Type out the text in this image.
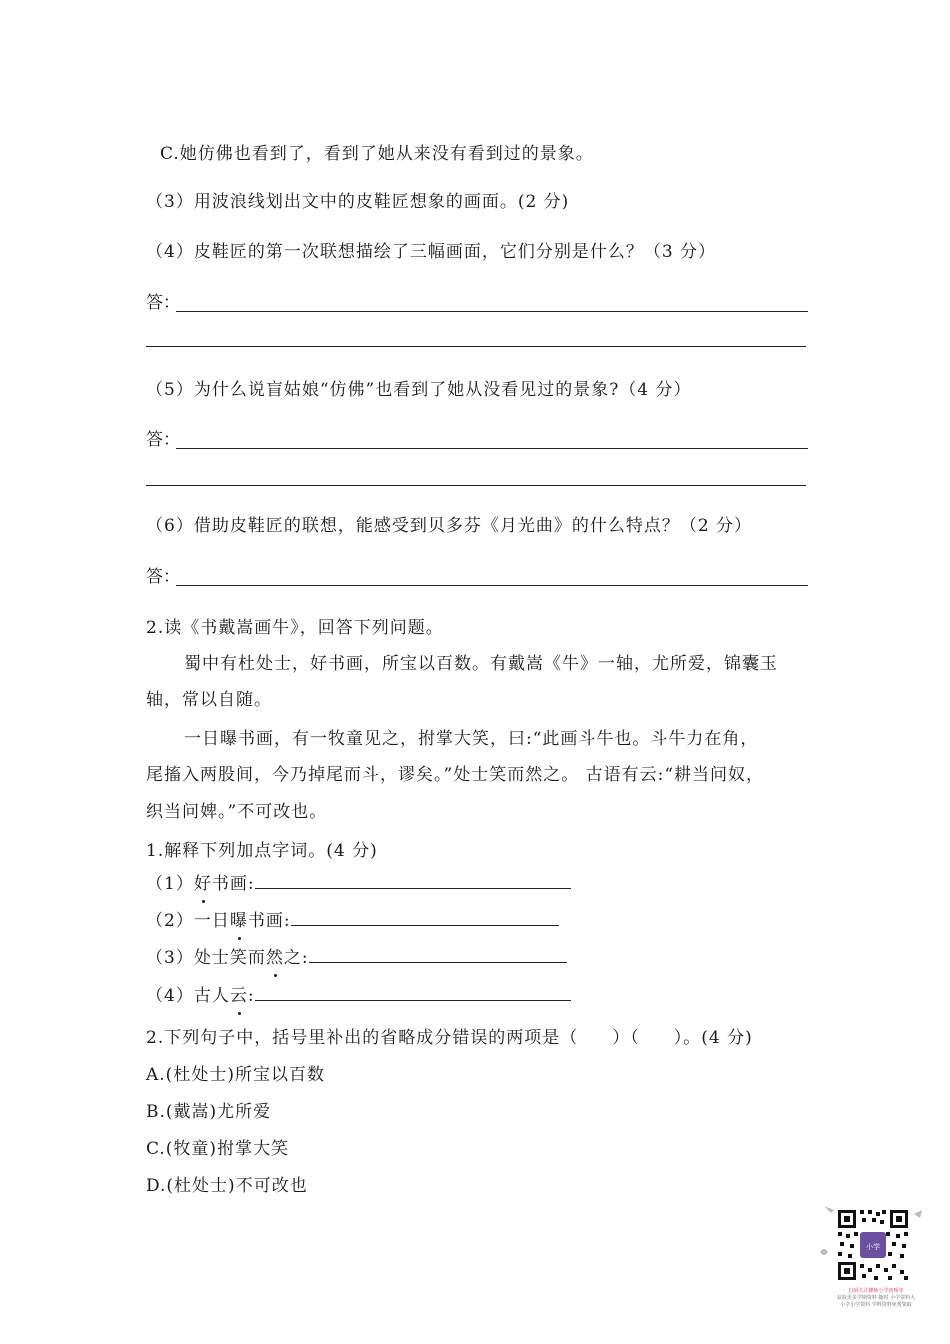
C.她仿佛也看到了，看到了她从来没有看到过的景象。
（3）用波浪线划出文中的皮鞋匠想象的画面。(2 分)
（4）皮鞋匠的第一次联想描绘了三幅画面，它们分别是什么？（3 分）
答：
（5）为什么说盲姑娘“仿佛”也看到了她从没看见过的景象?（4 分）
答：
（6）借助皮鞋匠的联想，能感受到贝多芬《月光曲》的什么特点？（2 分）
答：
2.读《书戴嵩画牛》，回答下列问题。
蜀中有杜处士，好书画，所宝以百数。有戴嵩《牛》一轴，尤所爱，锦囊玉
轴，常以自随。
一日曝书画，有一牧童见之，拊掌大笑，曰:“此画斗牛也。斗牛力在角，
尾搐入两股间，今乃掉尾而斗，谬矣。”处士笑而然之。 古语有云:“耕当问奴，
织当问婢。”不可改也。
1.解释下列加点字词。(4 分)
（1）好书画:
（2）一日曝书画:
（3）处士笑而然之:
（4）古人云:
2.下列句子中，括号里补出的省略成分错误的两项是（ ）（ ）。(4 分)
A.(杜处士)所宝以百数
B.(戴嵩)尤所爱
C.(牧童)拊掌大笑
D.(杜处士)不可改也
小学
扫码关注獾师小学初频等
获取更多学期资料 随时 小学资料大
小学小学资料 学科资料免费领取
